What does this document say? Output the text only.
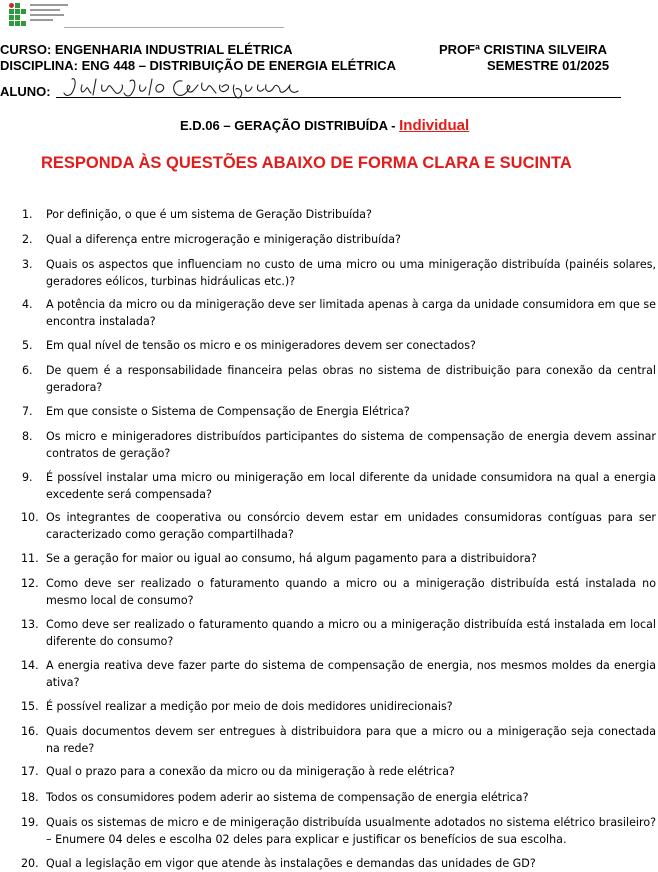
CURSO: ENGENHARIA INDUSTRIAL ELÉTRICA	PROFª CRISTINA SILVEIRA
DISCIPLINA: ENG 448 – DISTRIBUIÇÃO DE ENERGIA ELÉTRICA	SEMESTRE 01/2025
ALUNO:
E.D.06 – GERAÇÃO DISTRIBUÍDA - Individual
RESPONDA ÀS QUESTÕES ABAIXO DE FORMA CLARA E SUCINTA
1. Por definição, o que é um sistema de Geração Distribuída?
2. Qual a diferença entre microgeração e minigeração distribuída?
3. Quais os aspectos que influenciam no custo de uma micro ou uma minigeração distribuída (painéis solares, geradores eólicos, turbinas hidráulicas etc.)?
4. A potência da micro ou da minigeração deve ser limitada apenas à carga da unidade consumidora em que se encontra instalada?
5. Em qual nível de tensão os micro e os minigeradores devem ser conectados?
6. De quem é a responsabilidade financeira pelas obras no sistema de distribuição para conexão da central geradora?
7. Em que consiste o Sistema de Compensação de Energia Elétrica?
8. Os micro e minigeradores distribuídos participantes do sistema de compensação de energia devem assinar contratos de geração?
9. É possível instalar uma micro ou minigeração em local diferente da unidade consumidora na qual a energia excedente será compensada?
10. Os integrantes de cooperativa ou consórcio devem estar em unidades consumidoras contíguas para ser caracterizado como geração compartilhada?
11. Se a geração for maior ou igual ao consumo, há algum pagamento para a distribuidora?
12. Como deve ser realizado o faturamento quando a micro ou a minigeração distribuída está instalada no mesmo local de consumo?
13. Como deve ser realizado o faturamento quando a micro ou a minigeração distribuída está instalada em local diferente do consumo?
14. A energia reativa deve fazer parte do sistema de compensação de energia, nos mesmos moldes da energia ativa?
15. É possível realizar a medição por meio de dois medidores unidirecionais?
16. Quais documentos devem ser entregues à distribuidora para que a micro ou a minigeração seja conectada na rede?
17. Qual o prazo para a conexão da micro ou da minigeração à rede elétrica?
18. Todos os consumidores podem aderir ao sistema de compensação de energia elétrica?
19. Quais os sistemas de micro e de minigeração distribuída usualmente adotados no sistema elétrico brasileiro? – Enumere 04 deles e escolha 02 deles para explicar e justificar os benefícios de sua escolha.
20. Qual a legislação em vigor que atende às instalações e demandas das unidades de GD?
